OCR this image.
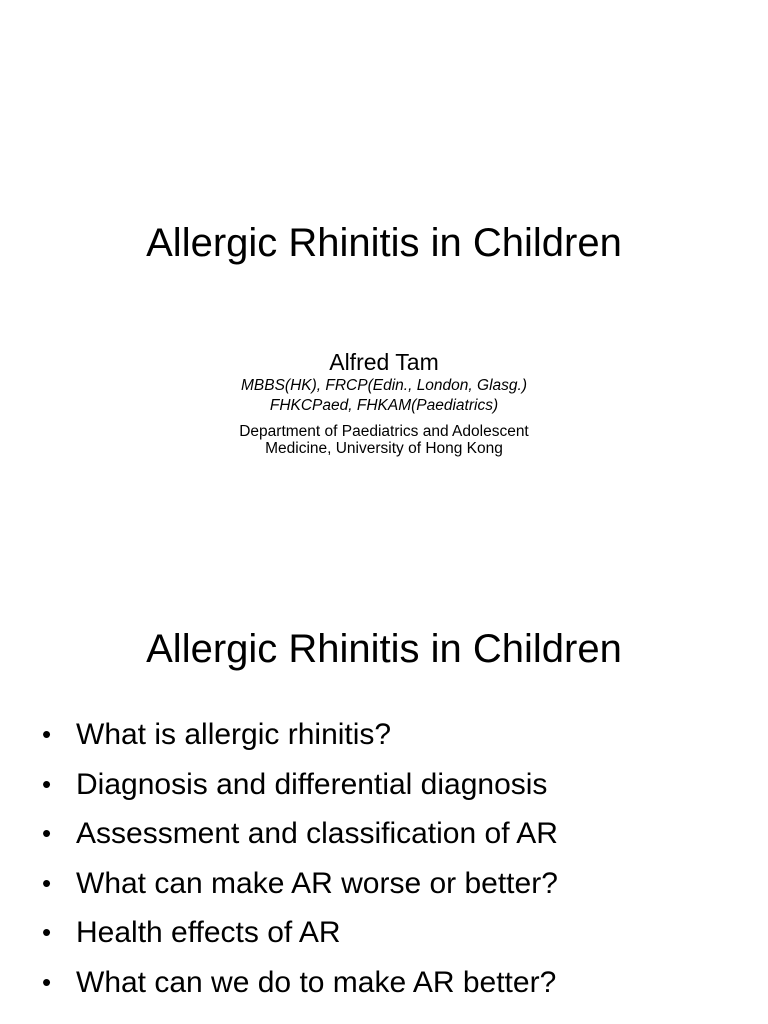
Allergic Rhinitis in Children
Alfred Tam
MBBS(HK), FRCP(Edin., London, Glasg.)
FHKCPaed, FHKAM(Paediatrics)
Department of Paediatrics and Adolescent
Medicine, University of Hong Kong
Allergic Rhinitis in Children
• What is allergic rhinitis?
• Diagnosis and differential diagnosis
• Assessment and classification of AR
• What can make AR worse or better?
• Health effects of AR
• What can we do to make AR better?
